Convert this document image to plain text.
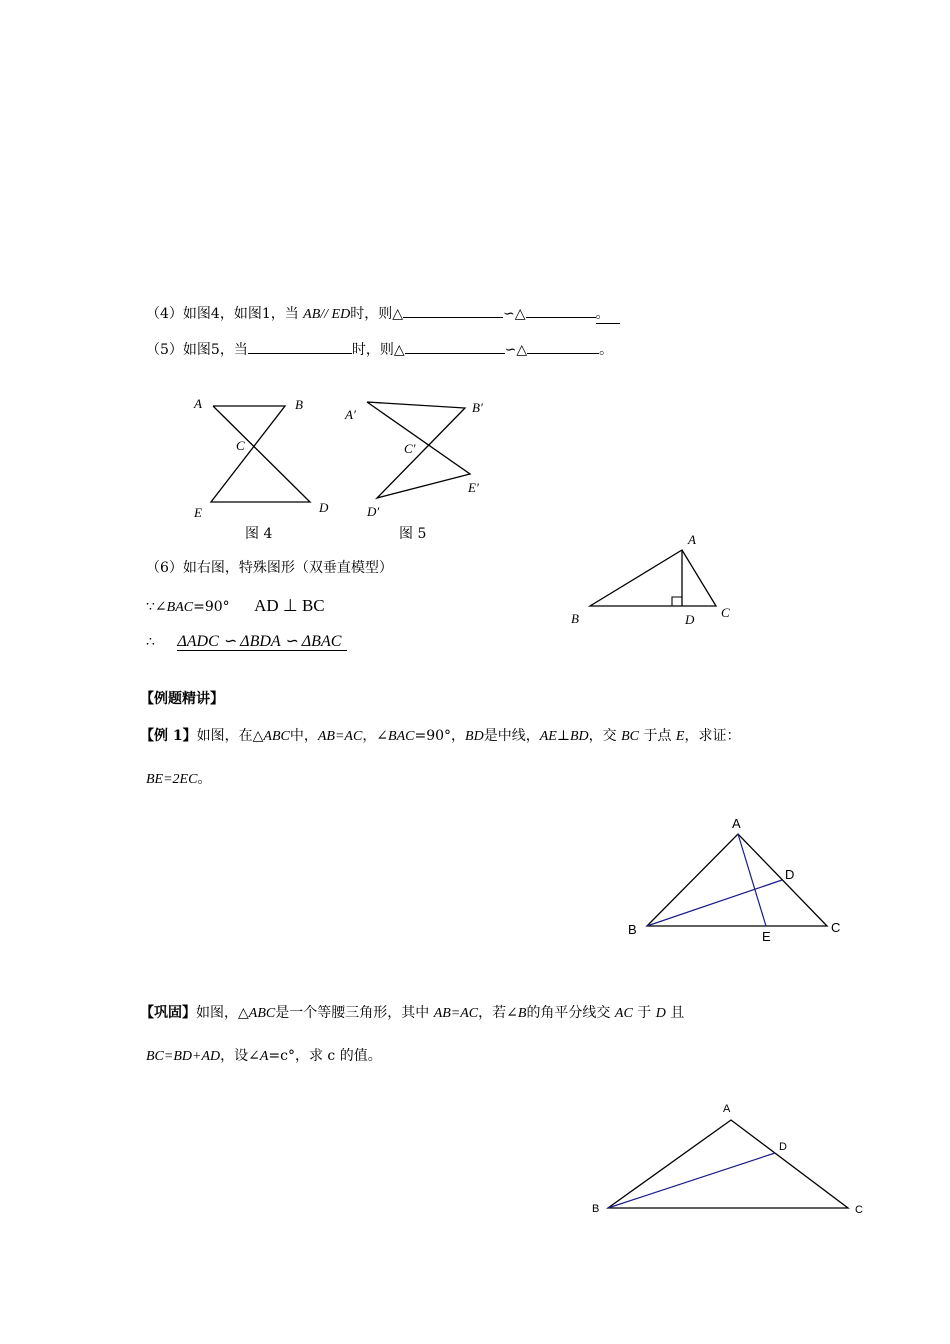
（4）如图4，如图1，当 AB// ED时，则△	∽△	。
（5）如图5，当	时，则△	∽△	。
A	B
C
E	D
图 4
A′	B′
C′
E′
D′
图 5
（6）如右图，特殊图形（双垂直模型）
∵∠BAC=90° AD ⊥ BC
∴ ΔADC ∽ ΔBDA ∽ ΔBAC
A
B	C
D
【例题精讲】
【例 1】如图，在△ABC中，AB=AC，∠BAC=90°，BD是中线，AE⊥BD，交 BC 于点 E，求证：
BE=2EC。
A
B	C
D
E
【巩固】如图，△ABC是一个等腰三角形，其中 AB=AC，若∠B的角平分线交 AC 于 D 且
BC=BD+AD，设∠A=c°，求 c 的值。
A
B	C
D
